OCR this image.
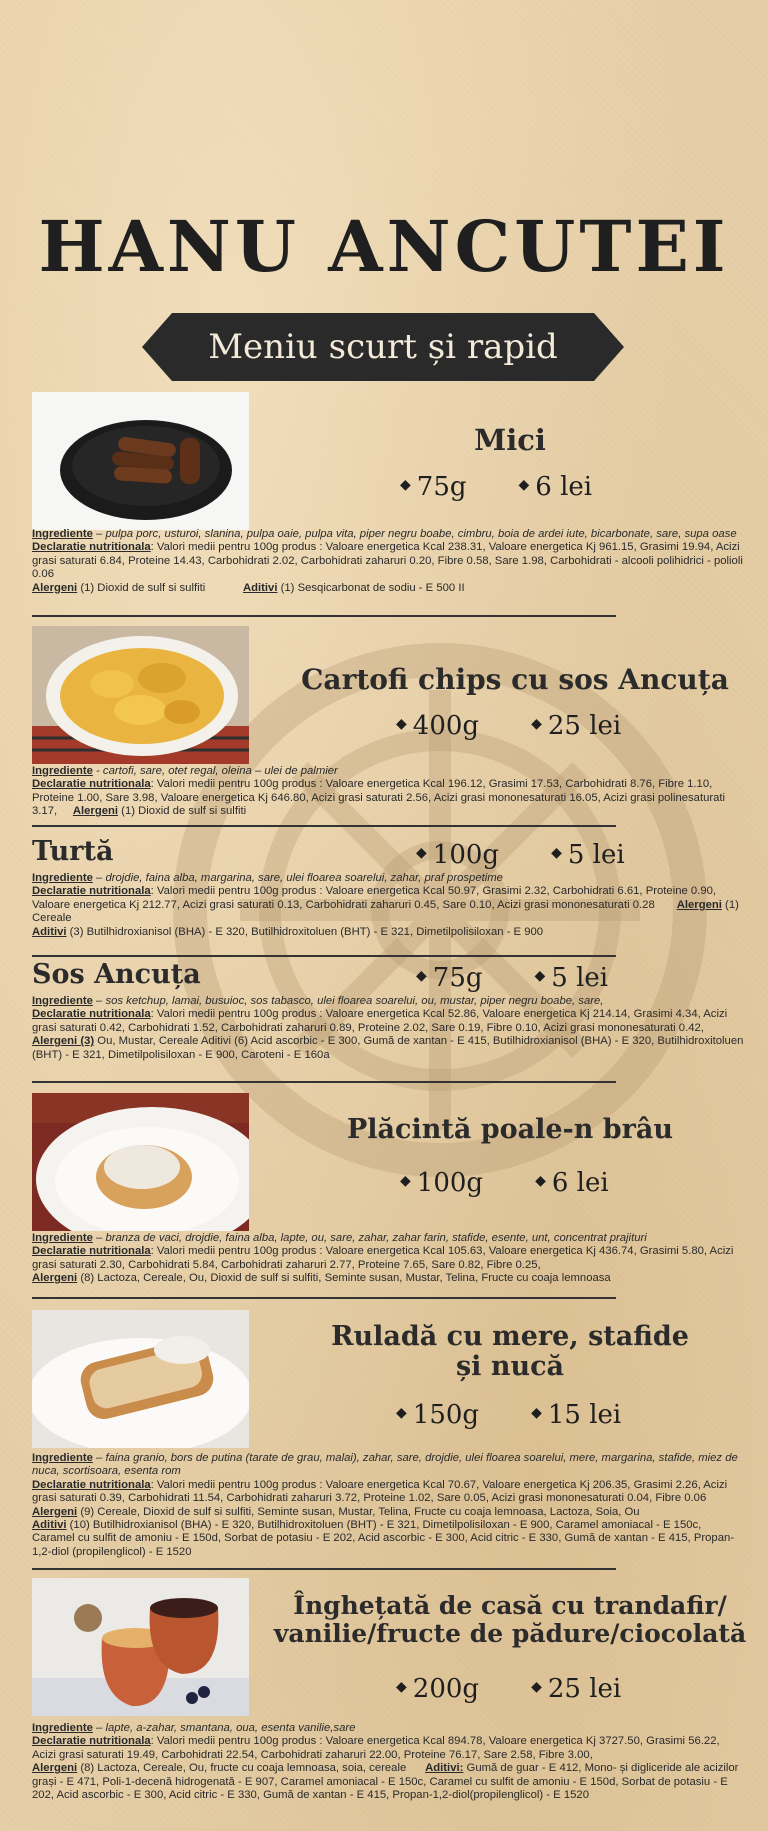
HANU ANCUTEI
Meniu scurt și rapid
Mici
◆ 75g	◆ 6 lei

Ingrediente – pulpa porc, usturoi, slanina, pulpa oaie, pulpa vita, piper negru boabe, cimbru, boia de ardei iute, bicarbonate, sare, supa oase

Declaratie nutritionala: Valori medii pentru 100g produs : Valoare energetica Kcal 238.31, Valoare energetica Kj 961.15, Grasimi 19.94, Acizi grasi saturati 6.84, Proteine 14.43, Carbohidrati 2.02, Carbohidrati zaharuri 0.20, Fibre 0.58, Sare 1.98, Carbohidrati - alcooli polihidrici - polioli 0.06

Alergeni (1) Dioxid de sulf si sulfiti	Aditivi (1) Sesqicarbonat de sodiu - E 500 II

Cartofi chips cu sos Ancuța
◆ 400g	◆ 25 lei

Ingrediente - cartofi, sare, otet regal, oleina – ulei de palmier

Declaratie nutritionala: Valori medii pentru 100g produs : Valoare energetica Kcal 196.12, Grasimi 17.53, Carbohidrati 8.76, Fibre 1.10, Proteine 1.00, Sare 3.98, Valoare energetica Kj 646.80, Acizi grasi saturati 2.56, Acizi grasi mononesaturati 16.05, Acizi grasi polinesaturati 3.17, Alergeni (1) Dioxid de sulf si sulfiti

Turtă	◆ 100g	◆ 5 lei

Ingrediente – drojdie, faina alba, margarina, sare, ulei floarea soarelui, zahar, praf prospetime

Declaratie nutritionala: Valori medii pentru 100g produs : Valoare energetica Kcal 50.97, Grasimi 2.32, Carbohidrati 6.61, Proteine 0.90, Valoare energetica Kj 212.77, Acizi grasi saturati 0.13, Carbohidrati zaharuri 0.45, Sare 0.10, Acizi grasi mononesaturati 0.28 Alergeni (1) Cereale

Aditivi (3) Butilhidroxianisol (BHA) - E 320, Butilhidroxitoluen (BHT) - E 321, Dimetilpolisiloxan - E 900

Sos Ancuța	◆ 75g	◆ 5 lei

Ingrediente – sos ketchup, lamai, busuioc, sos tabasco, ulei floarea soarelui, ou, mustar, piper negru boabe, sare,

Declaratie nutritionala: Valori medii pentru 100g produs : Valoare energetica Kcal 52.86, Valoare energetica Kj 214.14, Grasimi 4.34, Acizi grasi saturati 0.42, Carbohidrati 1.52, Carbohidrati zaharuri 0.89, Proteine 2.02, Sare 0.19, Fibre 0.10, Acizi grasi mononesaturati 0.42,

Alergeni (3) Ou, Mustar, Cereale Aditivi (6) Acid ascorbic - E 300, Gumă de xantan - E 415, Butilhidroxianisol (BHA) - E 320, Butilhidroxitoluen (BHT) - E 321, Dimetilpolisiloxan - E 900, Caroteni - E 160a

Plăcintă poale-n brâu
◆ 100g	◆ 6 lei

Ingrediente – branza de vaci, drojdie, faina alba, lapte, ou, sare, zahar, zahar farin, stafide, esente, unt, concentrat prajituri

Declaratie nutritionala: Valori medii pentru 100g produs : Valoare energetica Kcal 105.63, Valoare energetica Kj 436.74, Grasimi 5.80, Acizi grasi saturati 2.30, Carbohidrati 5.84, Carbohidrati zaharuri 2.77, Proteine 7.65, Sare 0.82, Fibre 0.25,

Alergeni (8) Lactoza, Cereale, Ou, Dioxid de sulf si sulfiti, Seminte susan, Mustar, Telina, Fructe cu coaja lemnoasa

Ruladă cu mere, stafide
și nucă
◆ 150g	◆ 15 lei

Ingrediente – faina granio, bors de putina (tarate de grau, malai), zahar, sare, drojdie, ulei floarea soarelui, mere, margarina, stafide, miez de nuca, scortisoara, esenta rom

Declaratie nutritionala: Valori medii pentru 100g produs : Valoare energetica Kcal 70.67, Valoare energetica Kj 206.35, Grasimi 2.26, Acizi grasi saturati 0.39, Carbohidrati 11.54, Carbohidrati zaharuri 3.72, Proteine 1.02, Sare 0.05, Acizi grasi mononesaturati 0.04, Fibre 0.06

Alergeni (9) Cereale, Dioxid de sulf si sulfiti, Seminte susan, Mustar, Telina, Fructe cu coaja lemnoasa, Lactoza, Soia, Ou

Aditivi (10) Butilhidroxianisol (BHA) - E 320, Butilhidroxitoluen (BHT) - E 321, Dimetilpolisiloxan - E 900, Caramel amoniacal - E 150c, Caramel cu sulfit de amoniu - E 150d, Sorbat de potasiu - E 202, Acid ascorbic - E 300, Acid citric - E 330, Gumă de xantan - E 415, Propan-1,2-diol (propilenglicol) - E 1520

Înghețată de casă cu trandafir/
vanilie/fructe de pădure/ciocolată
◆ 200g	◆ 25 lei

Ingrediente – lapte, a-zahar, smantana, oua, esenta vanilie,sare

Declaratie nutritionala: Valori medii pentru 100g produs : Valoare energetica Kcal 894.78, Valoare energetica Kj 3727.50, Grasimi 56.22, Acizi grasi saturati 19.49, Carbohidrati 22.54, Carbohidrati zaharuri 22.00, Proteine 76.17, Sare 2.58, Fibre 3.00,

Alergeni (8) Lactoza, Cereale, Ou, fructe cu coaja lemnoasa, soia, cereale Aditivi: Gumă de guar - E 412, Mono- și digliceride ale acizilor grași - E 471, Poli-1-decenă hidrogenată - E 907, Caramel amoniacal - E 150c, Caramel cu sulfit de amoniu - E 150d, Sorbat de potasiu - E 202, Acid ascorbic - E 300, Acid citric - E 330, Gumă de xantan - E 415, Propan-1,2-diol(propilenglicol) - E 1520
